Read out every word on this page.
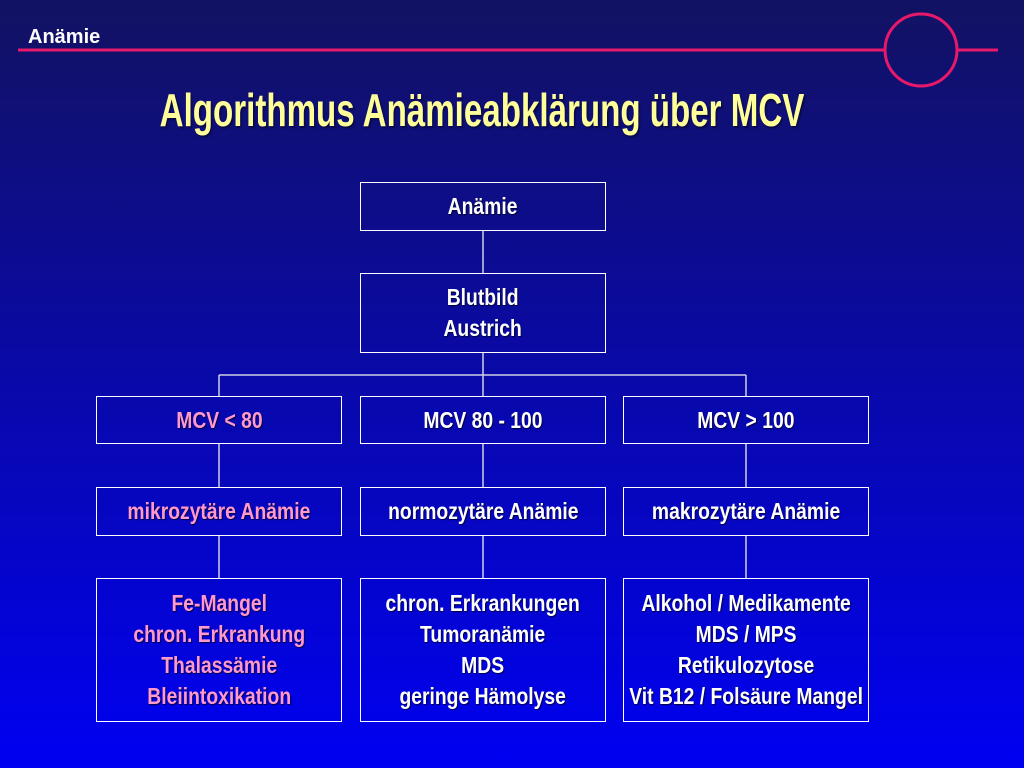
Anämie
Algorithmus Anämieabklärung über MCV
Anämie
Blutbild
Austrich
MCV < 80	MCV 80 - 100	MCV > 100
mikrozytäre Anämie	normozytäre Anämie	makrozytäre Anämie
Fe-Mangel
chron. Erkrankung
Thalassämie
Bleiintoxikation
chron. Erkrankungen
Tumoranämie
MDS
geringe Hämolyse
Alkohol / Medikamente
MDS / MPS
Retikulozytose
Vit B12 / Folsäure Mangel
